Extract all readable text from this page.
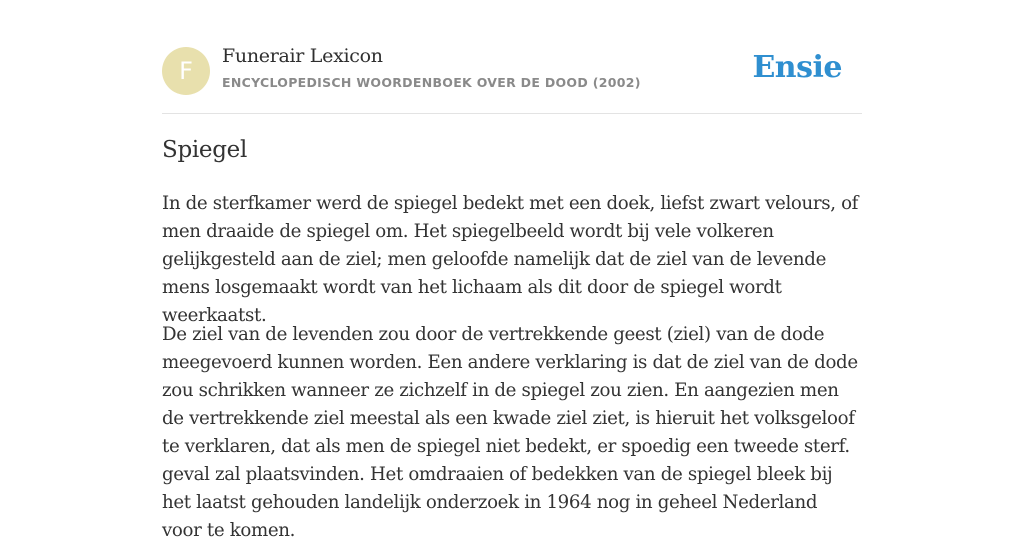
F
Funerair Lexicon
ENCYCLOPEDISCH WOORDENBOEK OVER DE DOOD (2002)	Ensie
Spiegel

In de sterfkamer werd de spiegel bedekt met een doek, liefst zwart velours, of men draaide de spiegel om. Het spiegelbeeld wordt bij vele volkeren gelijkgesteld aan de ziel; men geloofde namelijk dat de ziel van de levende mens losgemaakt wordt van het lichaam als dit door de spiegel wordt weerkaatst.

De ziel van de levenden zou door de vertrekkende geest (ziel) van de dode meegevoerd kunnen worden. Een andere verklaring is dat de ziel van de dode zou schrikken wanneer ze zichzelf in de spiegel zou zien. En aangezien men de vertrekkende ziel meestal als een kwade ziel ziet, is hieruit het volksgeloof te verklaren, dat als men de spiegel niet bedekt, er spoedig een tweede sterf. geval zal plaatsvinden. Het omdraaien of bedekken van de spiegel bleek bij het laatst gehouden landelijk onderzoek in 1964 nog in geheel Nederland voor te komen.
